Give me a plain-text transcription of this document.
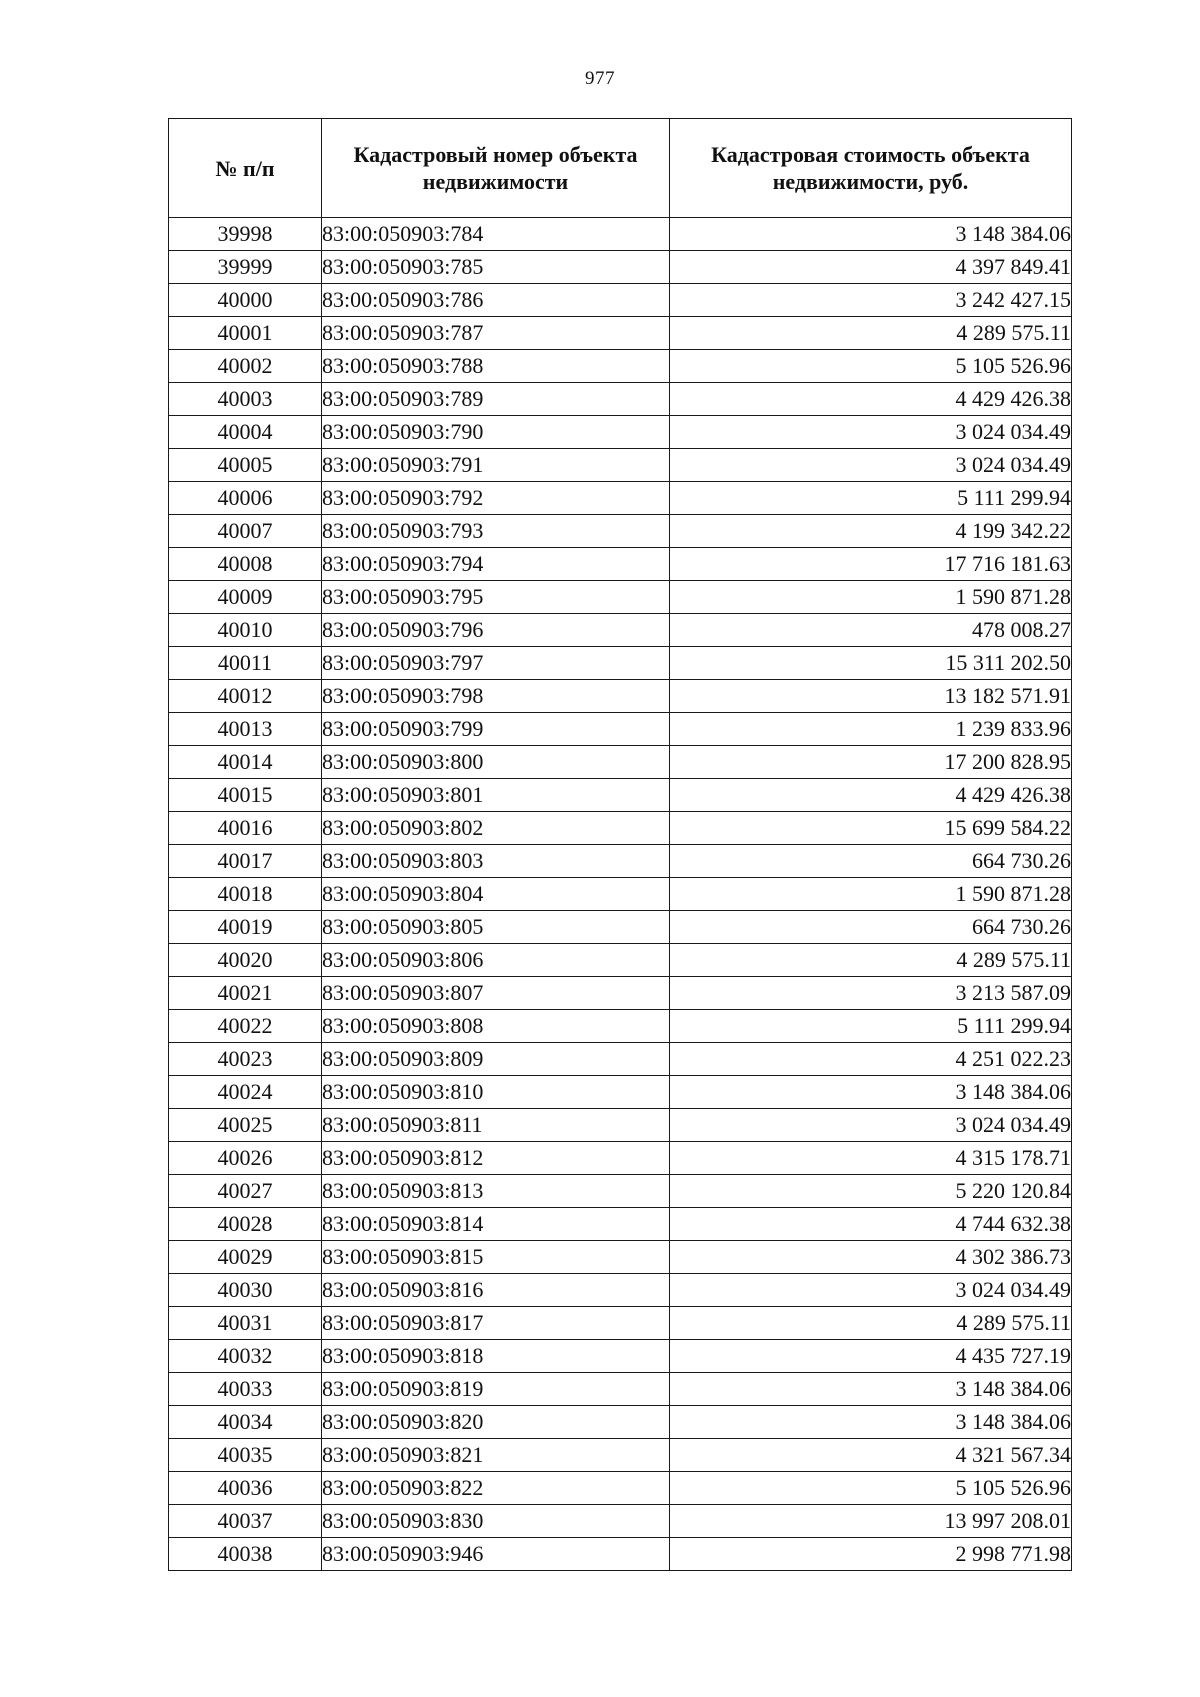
977
№ п/п	Кадастровый номер объекта недвижимости	Кадастровая стоимость объекта недвижимости, руб.
39998	83:00:050903:784	3 148 384.06
39999	83:00:050903:785	4 397 849.41
40000	83:00:050903:786	3 242 427.15
40001	83:00:050903:787	4 289 575.11
40002	83:00:050903:788	5 105 526.96
40003	83:00:050903:789	4 429 426.38
40004	83:00:050903:790	3 024 034.49
40005	83:00:050903:791	3 024 034.49
40006	83:00:050903:792	5 111 299.94
40007	83:00:050903:793	4 199 342.22
40008	83:00:050903:794	17 716 181.63
40009	83:00:050903:795	1 590 871.28
40010	83:00:050903:796	478 008.27
40011	83:00:050903:797	15 311 202.50
40012	83:00:050903:798	13 182 571.91
40013	83:00:050903:799	1 239 833.96
40014	83:00:050903:800	17 200 828.95
40015	83:00:050903:801	4 429 426.38
40016	83:00:050903:802	15 699 584.22
40017	83:00:050903:803	664 730.26
40018	83:00:050903:804	1 590 871.28
40019	83:00:050903:805	664 730.26
40020	83:00:050903:806	4 289 575.11
40021	83:00:050903:807	3 213 587.09
40022	83:00:050903:808	5 111 299.94
40023	83:00:050903:809	4 251 022.23
40024	83:00:050903:810	3 148 384.06
40025	83:00:050903:811	3 024 034.49
40026	83:00:050903:812	4 315 178.71
40027	83:00:050903:813	5 220 120.84
40028	83:00:050903:814	4 744 632.38
40029	83:00:050903:815	4 302 386.73
40030	83:00:050903:816	3 024 034.49
40031	83:00:050903:817	4 289 575.11
40032	83:00:050903:818	4 435 727.19
40033	83:00:050903:819	3 148 384.06
40034	83:00:050903:820	3 148 384.06
40035	83:00:050903:821	4 321 567.34
40036	83:00:050903:822	5 105 526.96
40037	83:00:050903:830	13 997 208.01
40038	83:00:050903:946	2 998 771.98
